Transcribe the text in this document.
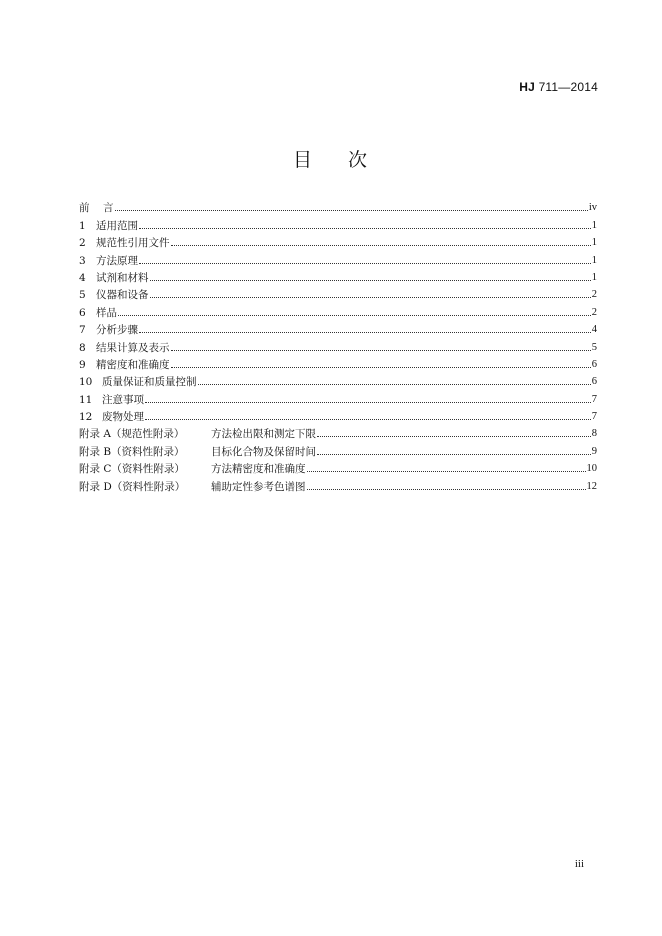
HJ 711—2014
目 次
前 言	iv
1 适用范围	1
2 规范性引用文件	1
3 方法原理	1
4 试剂和材料	1
5 仪器和设备	2
6 样品	2
7 分析步骤	4
8 结果计算及表示	5
9 精密度和准确度	6
10 质量保证和质量控制	6
11 注意事项	7
12 废物处理	7
附录 A（规范性附录）	方法检出限和测定下限	8
附录 B（资料性附录）	目标化合物及保留时间	9
附录 C（资料性附录） 方法精密度和准确度	10
附录 D（资料性附录） 辅助定性参考色谱图	12
iii
